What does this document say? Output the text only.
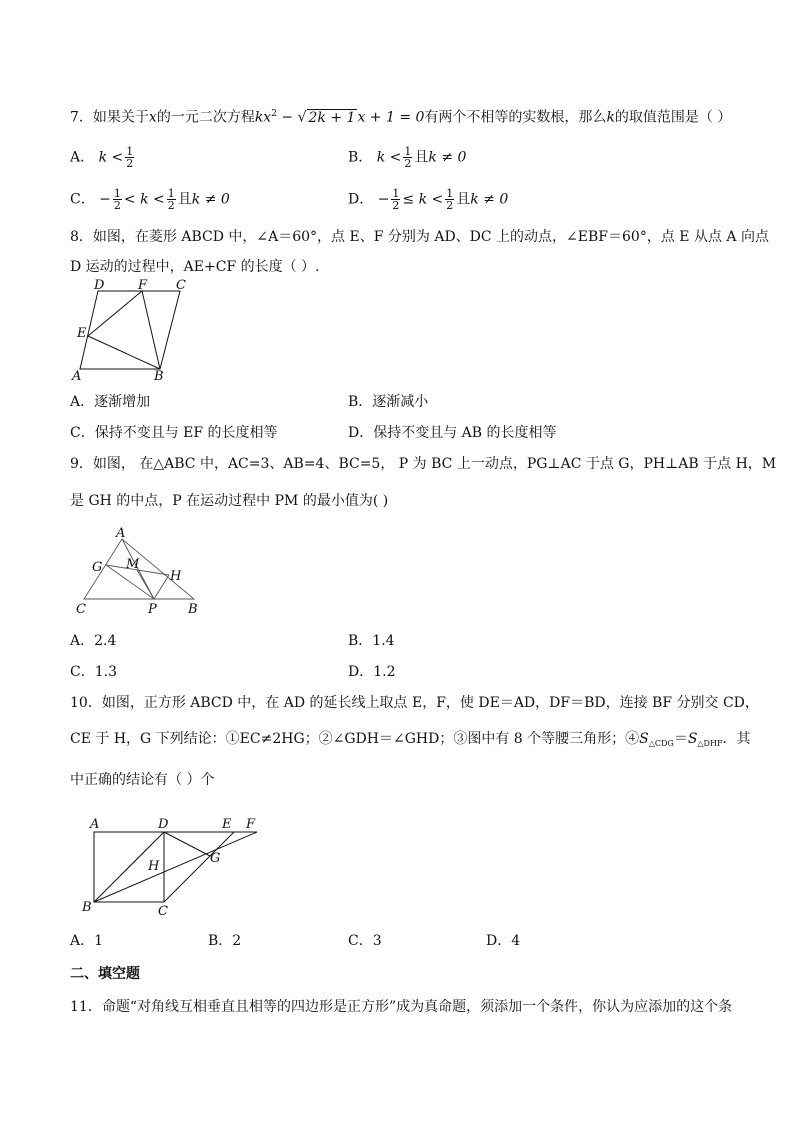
7．如果关于x的一元二次方程$kx^2$ − √ 2k + 1 x + 1 = 0有两个不相等的实数根，那么k的取值范围是（ ）
A． $k < \frac{1}{2}$	B． $k < \frac{1}{2}$ 且k ≠ 0
C． − $\frac{1}{2} < k < \frac{1}{2}$ 且k ≠ 0	D． − $\frac{1}{2} \le k < \frac{1}{2}$ 且k ≠ 0
8．如图，在菱形 ABCD 中，∠A＝60°，点 E、F 分别为 AD、DC 上的动点，∠EBF＝60°，点 E 从点 A 向点
D 运动的过程中，AE+CF 的长度（ ）.
D	F C
E
A	B
A．逐渐增加	B．逐渐减小
C．保持不变且与 EF 的长度相等	D．保持不变且与 AB 的长度相等
9．如图， 在△ABC 中，AC=3、AB=4、BC=5， P 为 BC 上一动点，PG⊥AC 于点 G，PH⊥AB 于点 H，M
是 GH 的中点，P 在运动过程中 PM 的最小值为( )
A
G M
H
C	P B
A．2.4	B．1.4
C．1.3	D．1.2
10．如图，正方形 ABCD 中，在 AD 的延长线上取点 E，F，使 DE＝AD，DF＝BD，连接 BF 分别交 CD，
CE 于 H，G 下列结论：①EC≠2HG；②∠GDH＝∠GHD；③图中有 8 个等腰三角形；$④S_{\triangle CDG}=S_{\triangle DHF}$．其
中正确的结论有（ ）个
A	D	E F
H
G
B	C
A．1	B．2	C．3	D．4
二、填空题
11．命题“对角线互相垂直且相等的四边形是正方形”成为真命题，须添加一个条件，你认为应添加的这个条
